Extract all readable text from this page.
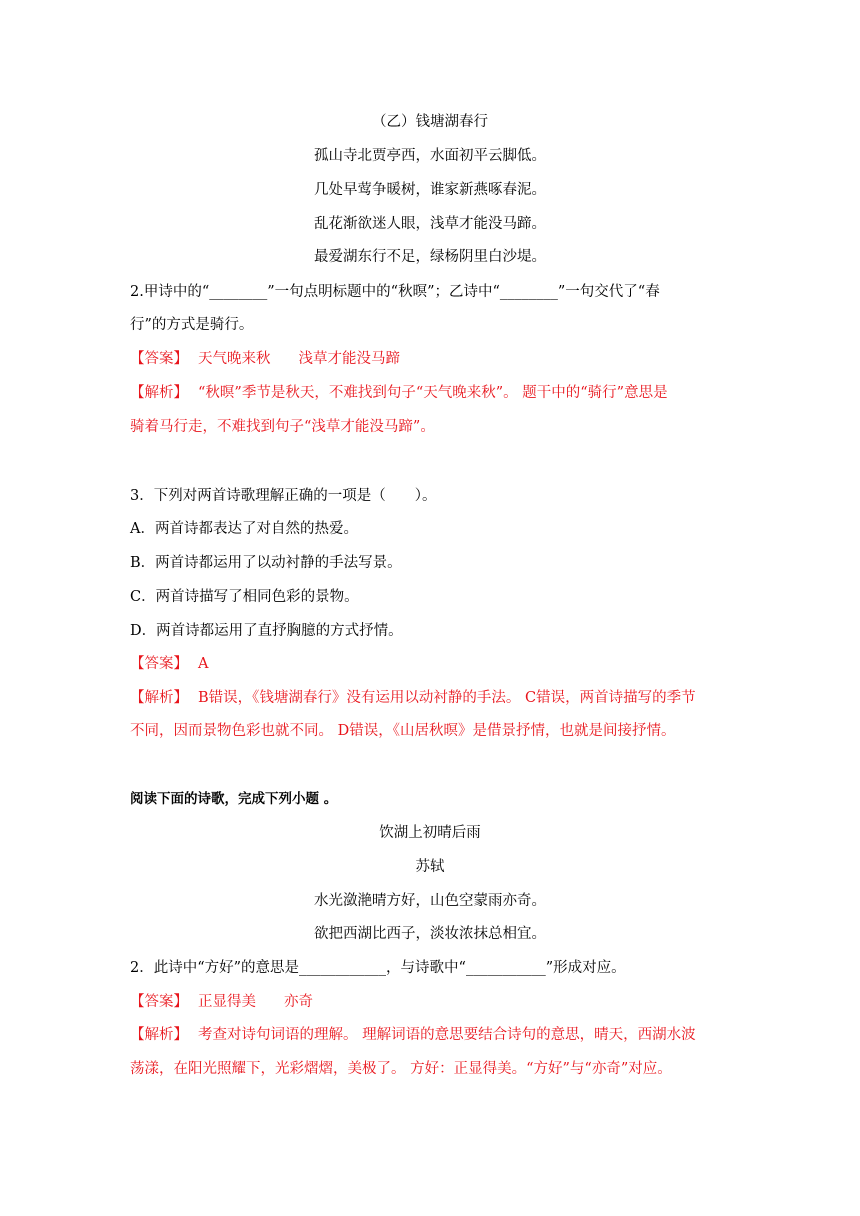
（乙）钱塘湖春行
孤山寺北贾亭西，水面初平云脚低。
几处早莺争暖树，谁家新燕啄春泥。
乱花渐欲迷人眼，浅草才能没马蹄。
最爱湖东行不足，绿杨阴里白沙堤。
2.甲诗中的“________”一句点明标题中的“秋暝”；乙诗中“________”一句交代了“春
行”的方式是骑行。
【答案】 天气晚来秋 浅草才能没马蹄
【解析】 “秋暝”季节是秋天，不难找到句子“天气晚来秋”。 题干中的“骑行”意思是
骑着马行走，不难找到句子“浅草才能没马蹄”。
3．下列对两首诗歌理解正确的一项是（　　）。
A．两首诗都表达了对自然的热爱。
B．两首诗都运用了以动衬静的手法写景。
C．两首诗描写了相同色彩的景物。
D．两首诗都运用了直抒胸臆的方式抒情。
【答案】 A
【解析】 B错误，《钱塘湖春行》没有运用以动衬静的手法。 C错误，两首诗描写的季节
不同，因而景物色彩也就不同。 D错误，《山居秋暝》是借景抒情，也就是间接抒情。
阅读下面的诗歌，完成下列小题 。
饮湖上初晴后雨
苏轼
水光潋滟晴方好，山色空蒙雨亦奇。
欲把西湖比西子，淡妆浓抹总相宜。
2．此诗中“方好”的意思是____________，与诗歌中“___________”形成对应。
【答案】 正显得美 亦奇
【解析】 考查对诗句词语的理解。 理解词语的意思要结合诗句的意思，晴天，西湖水波
荡漾，在阳光照耀下，光彩熠熠，美极了。 方好：正显得美。“方好”与“亦奇”对应。
